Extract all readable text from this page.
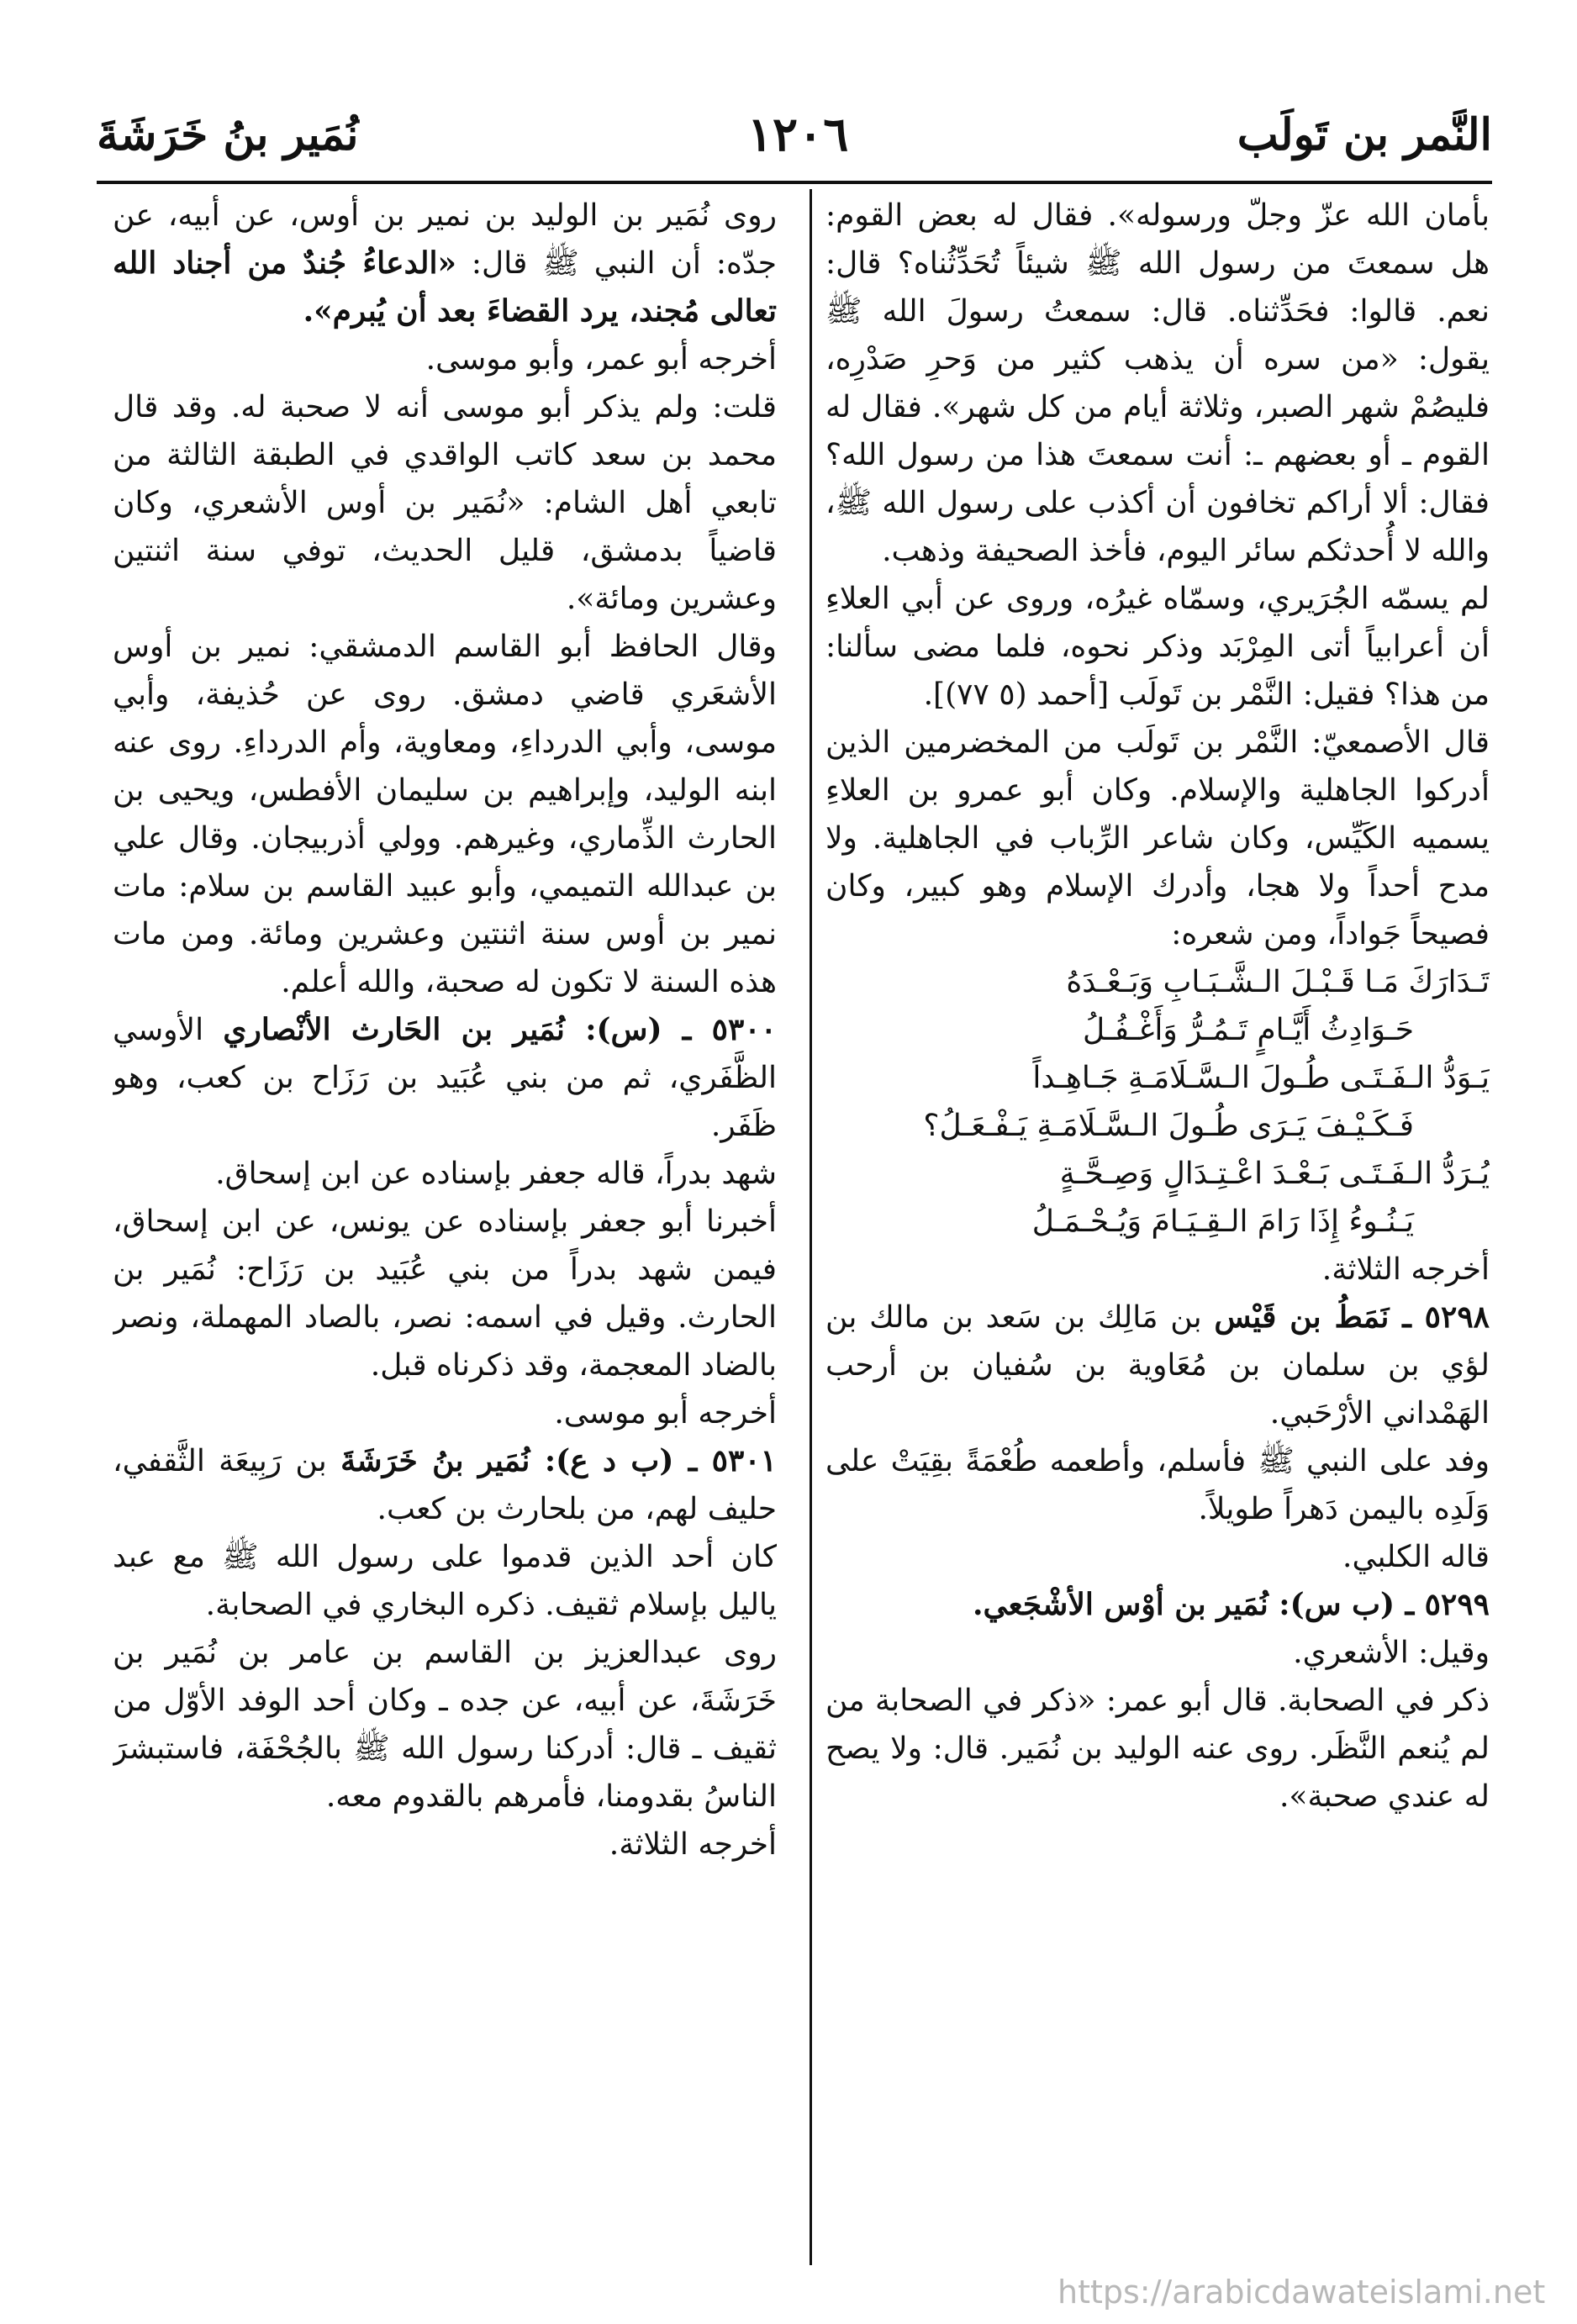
النَّمر بن تَولَب
١٢٠٦
نُمَير بنُ خَرَشَةَ

بأمان الله عزّ وجلّ ورسوله». فقال له بعض القوم: هل سمعتَ من رسول الله ﷺ شيئاً تُحَدِّثُناه؟ قال: نعم. قالوا: فحَدِّثناه. قال: سمعتُ رسولَ الله ﷺ يقول: «من سره أن يذهب كثير من وَحرِ صَدْرِه، فليصُمْ شهر الصبر، وثلاثة أيام من كل شهر». فقال له القوم ـ أو بعضهم ـ: أنت سمعتَ هذا من رسول الله؟ فقال: ألا أراكم تخافون أن أكذب على رسول الله ﷺ، والله لا أُحدثكم سائر اليوم، فأخذ الصحيفة وذهب.

لم يسمّه الجُرَيري، وسمّاه غيرُه، وروى عن أبي العلاءِ أن أعرابياً أتى المِرْبَد وذكر نحوه، فلما مضى سألنا: من هذا؟ فقيل: النَّمْر بن تَولَب [أحمد (٥ ٧٧)].

قال الأصمعيّ: النَّمْر بن تَولَب من المخضرمين الذين أدركوا الجاهلية والإسلام. وكان أبو عمرو بن العلاءِ يسميه الكَيِّس، وكان شاعر الرِّباب في الجاهلية. ولا مدح أحداً ولا هجا، وأدرك الإسلام وهو كبير، وكان فصيحاً جَواداً، ومن شعره:

تَـدَارَكَ مَـا قَـبْـلَ الـشَّـبَـابِ وَبَـعْـدَهُ
حَـوَادِثُ أَيَّـامٍ تَـمُـرُّ وَأَغْـفُـلُ
يَـوَدُّ الـفَـتَـى طُـولَ الـسَّـلَامَـةِ جَـاهِـداً
فَـكَـيْـفَ يَـرَى طُـولَ الـسَّـلَامَـةِ يَـفْـعَـلُ؟
يُـرَدُّ الـفَـتَـى بَـعْـدَ اعْـتِـدَالٍ وَصِـحَّـةٍ
يَـنُـوءُ إِذَا رَامَ الـقِـيَـامَ وَيُـحْـمَـلُ

أخرجه الثلاثة.

٥٢٩٨ ـ نَمَطُ بن قَيْس بن مَالِك بن سَعد بن مالك بن لؤي بن سلمان بن مُعَاوية بن سُفيان بن أرحب الهَمْداني الأرْحَبي.

وفد على النبي ﷺ فأسلم، وأطعمه طُعْمَةً بقِيَتْ على وَلَدِه باليمن دَهراً طويلاً.

قاله الكلبي.

٥٢٩٩ ـ (ب س): نُمَير بن أوْس الأشْجَعي.

وقيل: الأشعري.

ذكر في الصحابة. قال أبو عمر: «ذكر في الصحابة من لم يُنعم النَّظَر. روى عنه الوليد بن نُمَير. قال: ولا يصح له عندي صحبة».

روى نُمَير بن الوليد بن نمير بن أوس، عن أبيه، عن جدّه: أن النبي ﷺ قال: «الدعاءُ جُندٌ من أجناد الله تعالى مُجند، يرد القضاءَ بعد أن يُبرم».

أخرجه أبو عمر، وأبو موسى.

قلت: ولم يذكر أبو موسى أنه لا صحبة له. وقد قال محمد بن سعد كاتب الواقدي في الطبقة الثالثة من تابعي أهل الشام: «نُمَير بن أوس الأشعري، وكان قاضياً بدمشق، قليل الحديث، توفي سنة اثنتين وعشرين ومائة».

وقال الحافظ أبو القاسم الدمشقي: نمير بن أوس الأشعَري قاضي دمشق. روى عن حُذيفة، وأبي موسى، وأبي الدرداءِ، ومعاوية، وأم الدرداءِ. روى عنه ابنه الوليد، وإبراهيم بن سليمان الأفطس، ويحيى بن الحارث الذِّماري، وغيرهم. وولي أذربيجان. وقال علي بن عبدالله التميمي، وأبو عبيد القاسم بن سلام: مات نمير بن أوس سنة اثنتين وعشرين ومائة. ومن مات هذه السنة لا تكون له صحبة، والله أعلم.

٥٣٠٠ ـ (س): نُمَير بن الحَارث الأنْصاري الأوسي الظَّفَري، ثم من بني عُبَيد بن رَزَاح بن كعب، وهو ظَفَر.

شهد بدراً، قاله جعفر بإسناده عن ابن إسحاق.

أخبرنا أبو جعفر بإسناده عن يونس، عن ابن إسحاق، فيمن شهد بدراً من بني عُبَيد بن رَزَاح: نُمَير بن الحارث. وقيل في اسمه: نصر، بالصاد المهملة، ونصر بالضاد المعجمة، وقد ذكرناه قبل.

أخرجه أبو موسى.

٥٣٠١ ـ (ب د ع): نُمَير بنُ خَرَشَةَ بن رَبِيعَة الثَّقفي، حليف لهم، من بلحارث بن كعب.

كان أحد الذين قدموا على رسول الله ﷺ مع عبد ياليل بإسلام ثقيف. ذكره البخاري في الصحابة.

روى عبدالعزيز بن القاسم بن عامر بن نُمَير بن خَرَشَةَ، عن أبيه، عن جده ـ وكان أحد الوفد الأوّل من ثقيف ـ قال: أدركنا رسول الله ﷺ بالجُحْفَة، فاستبشرَ الناسُ بقدومنا، فأمرهم بالقدوم معه.

أخرجه الثلاثة.

https://arabicdawateislami.net
